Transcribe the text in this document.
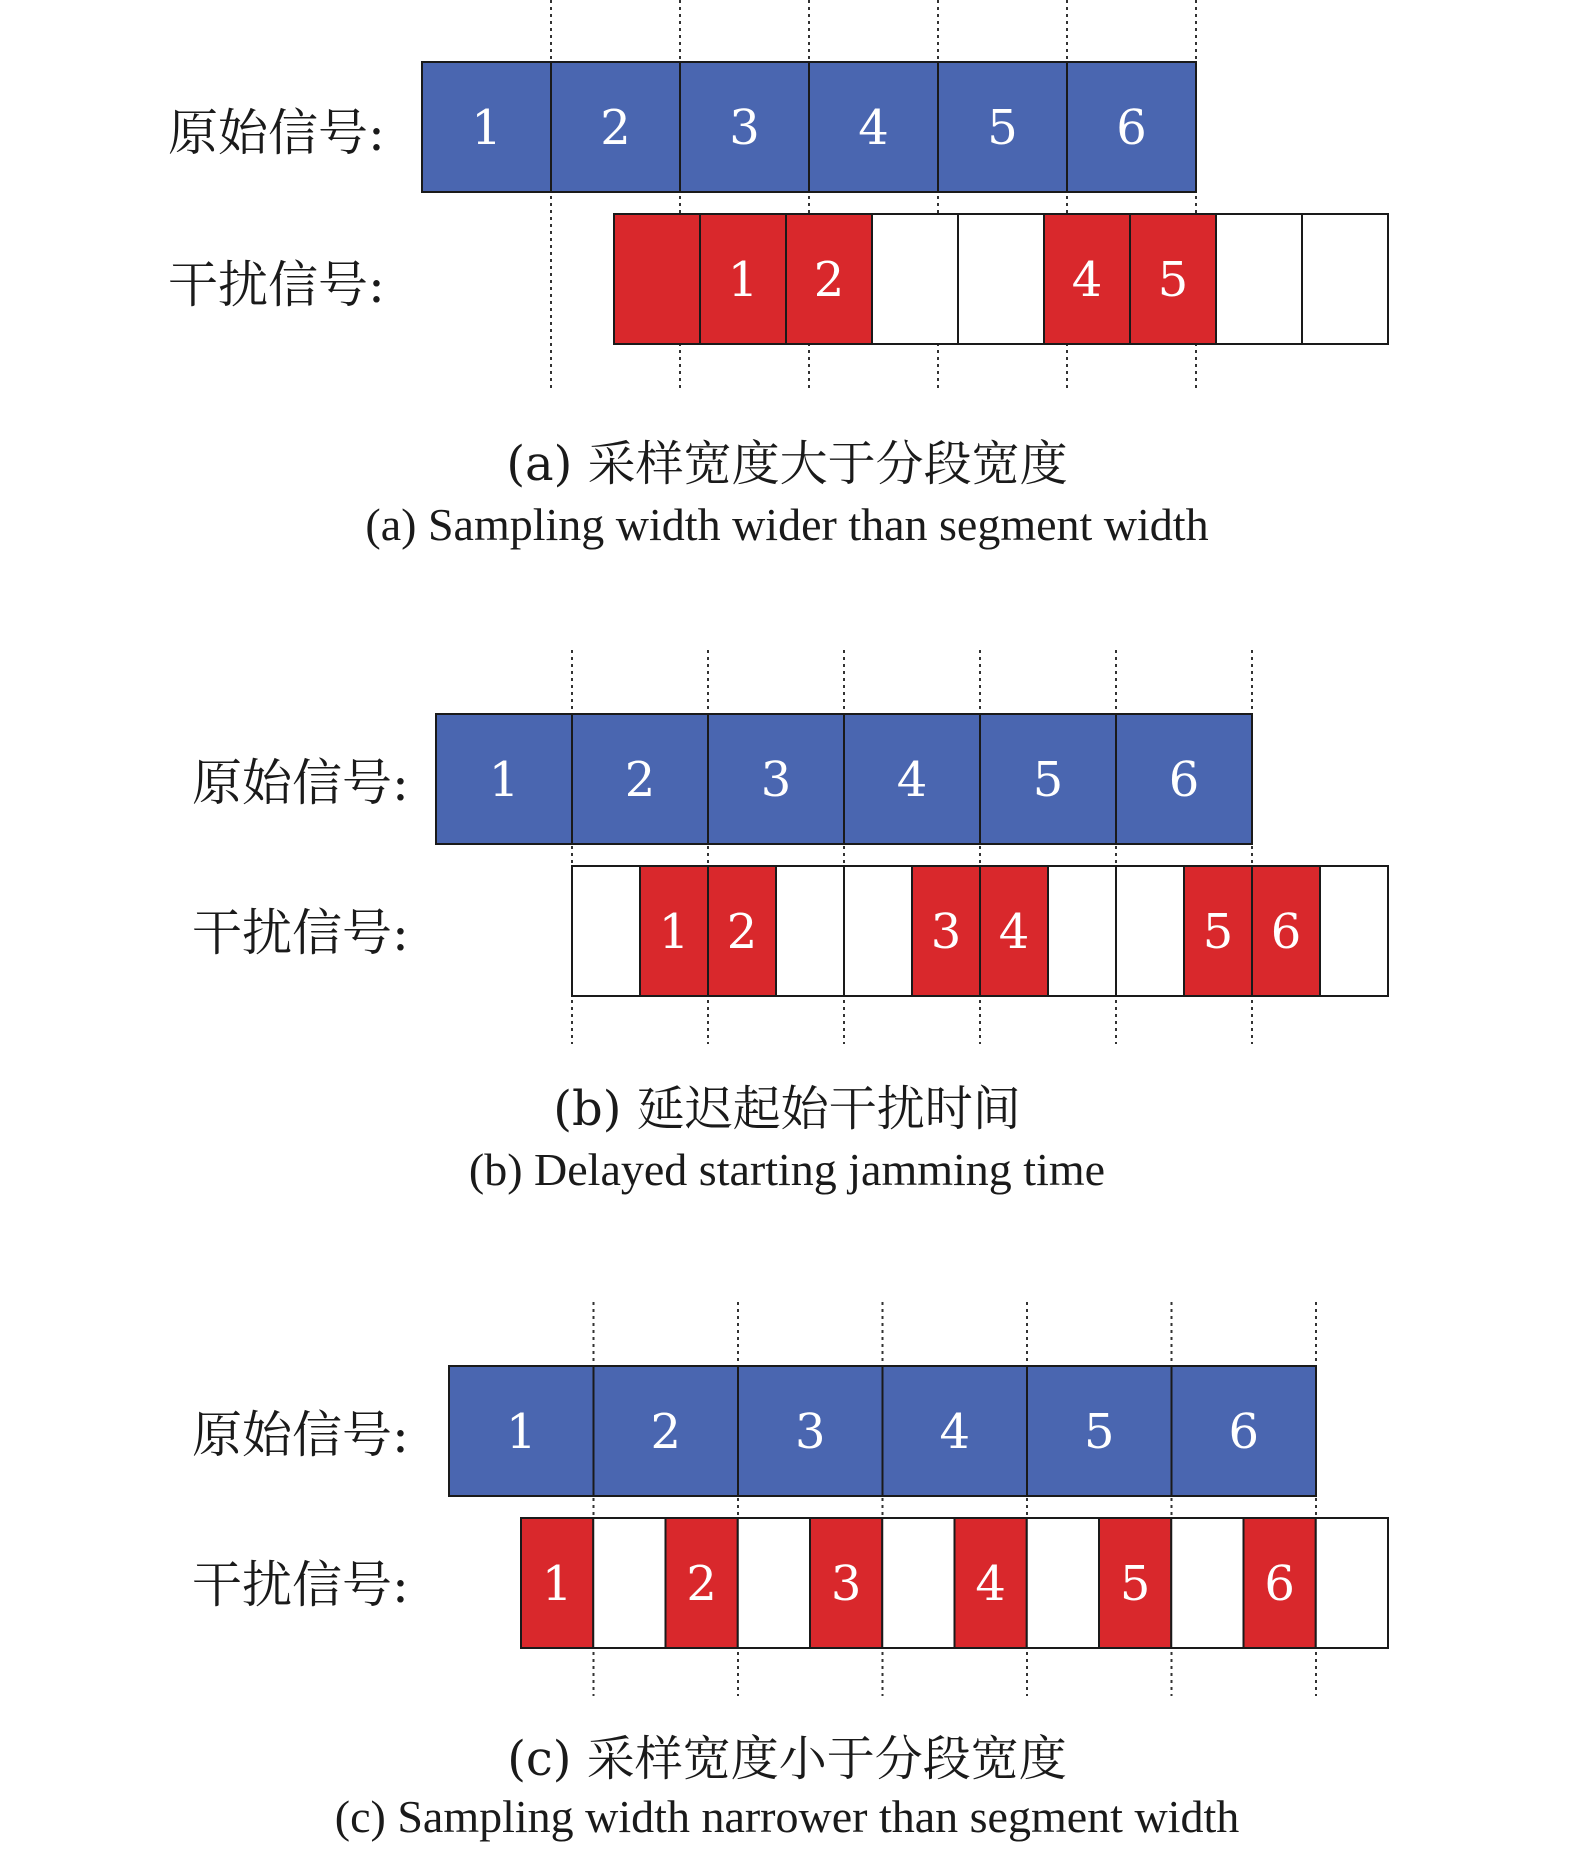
原始信号: 1 2 3 4 5 6
干扰信号:	1 2	4 5
(a) 采样宽度大于分段宽度
(a) Sampling width wider than segment width
原始信号: 1 2 3 4 5 6
干扰信号:	1 2	3 4	5 6
(b) 延迟起始干扰时间
(b) Delayed starting jamming time
原始信号: 1 2 3 4 5 6
干扰信号:	1 2 3 4 5 6
(c) 采样宽度小于分段宽度
(c) Sampling width narrower than segment width
